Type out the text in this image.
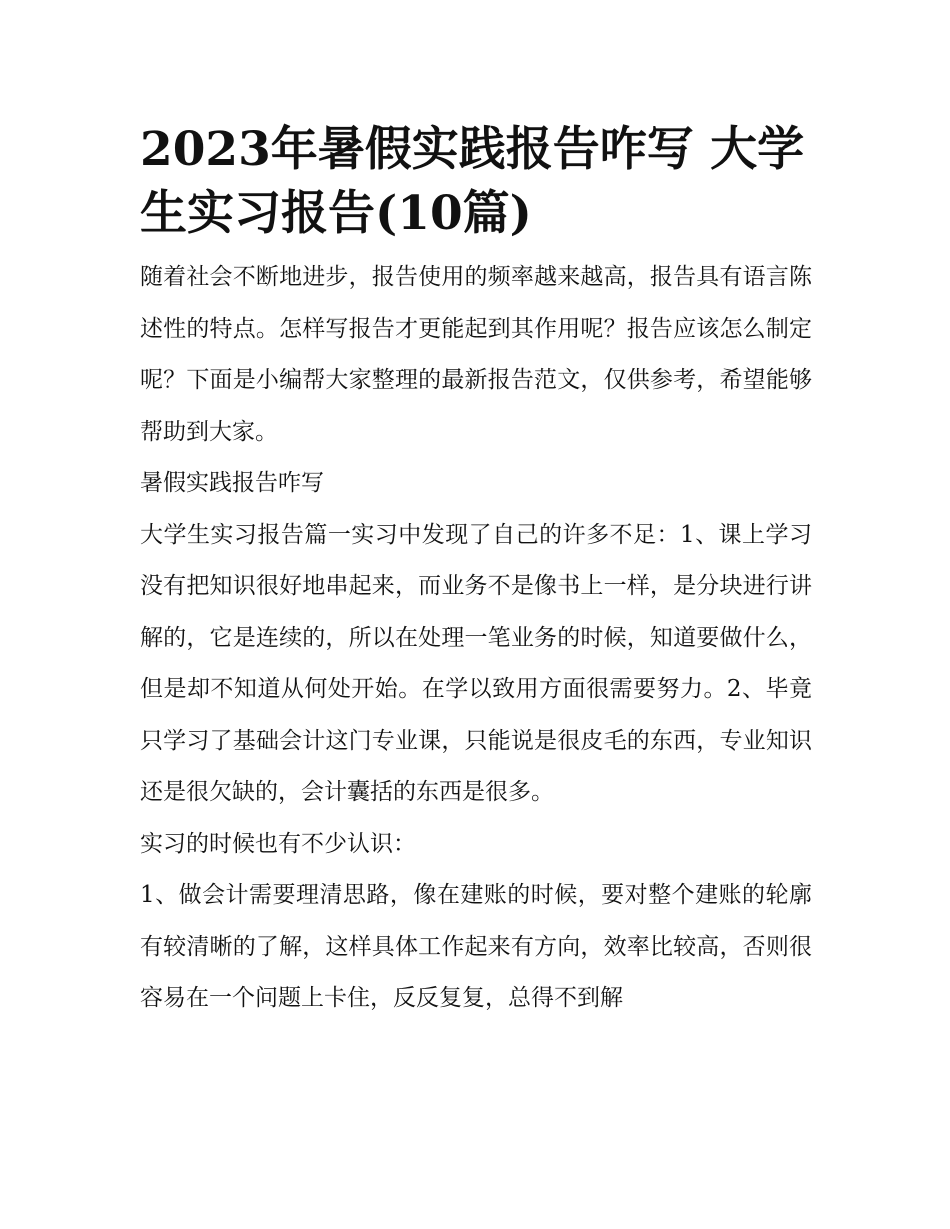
2023年暑假实践报告咋写 大学生实习报告(10篇)

随着社会不断地进步，报告使用的频率越来越高，报告具有语言陈述性的特点。怎样写报告才更能起到其作用呢？报告应该怎么制定呢？下面是小编帮大家整理的最新报告范文，仅供参考，希望能够帮助到大家。

暑假实践报告咋写

大学生实习报告篇一实习中发现了自己的许多不足：1、课上学习没有把知识很好地串起来，而业务不是像书上一样，是分块进行讲解的，它是连续的，所以在处理一笔业务的时候，知道要做什么，但是却不知道从何处开始。在学以致用方面很需要努力。2、毕竟只学习了基础会计这门专业课，只能说是很皮毛的东西，专业知识还是很欠缺的，会计囊括的东西是很多。

实习的时候也有不少认识：

1、做会计需要理清思路，像在建账的时候，要对整个建账的轮廓有较清晰的了解，这样具体工作起来有方向，效率比较高，否则很容易在一个问题上卡住，反反复复，总得不到解
